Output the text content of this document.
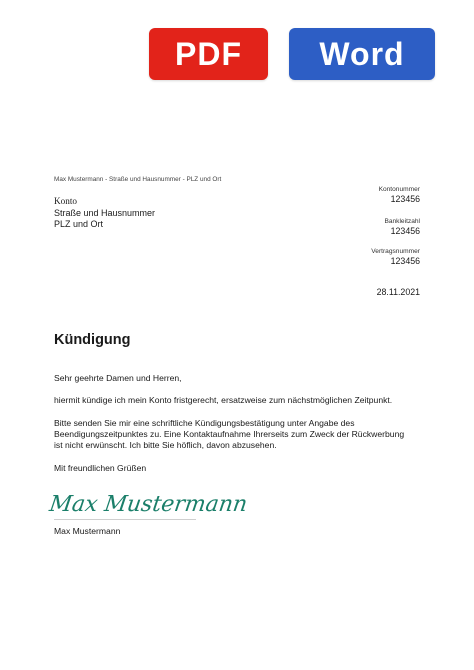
PDF	Word
Max Mustermann - Straße und Hausnummer - PLZ und Ort
Konto
Straße und Hausnummer
PLZ und Ort
Kontonummer
123456
Bankleitzahl
123456
Vertragsnummer
123456
28.11.2021
Kündigung
Sehr geehrte Damen und Herren,
hiermit kündige ich mein Konto fristgerecht, ersatzweise zum nächstmöglichen Zeitpunkt.
Bitte senden Sie mir eine schriftliche Kündigungsbestätigung unter Angabe des Beendigungszeitpunktes zu. Eine Kontaktaufnahme Ihrerseits zum Zweck der Rückwerbung ist nicht erwünscht. Ich bitte Sie höflich, davon abzusehen.
Mit freundlichen Grüßen
Max Mustermann
Max Mustermann
